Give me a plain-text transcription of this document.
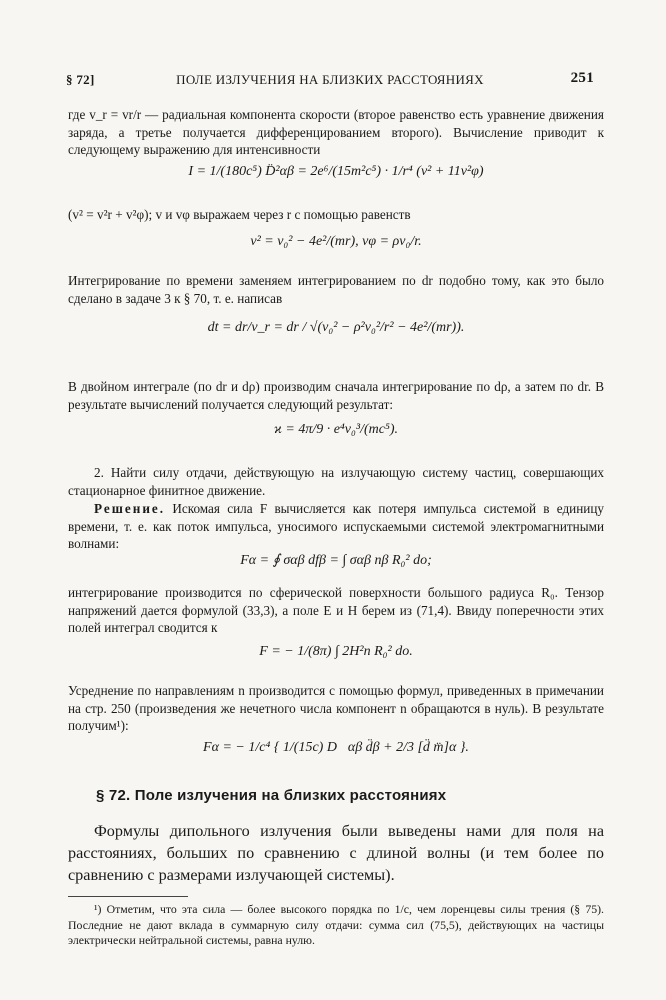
§ 72]	ПОЛЕ ИЗЛУЧЕНИЯ НА БЛИЗКИХ РАССТОЯНИЯХ	251
где v_r = vr/r — радиальная компонента скорости (второе равенство есть уравнение движения заряда, а третье получается дифференцированием второго). Вычисление приводит к следующему выражению для интенсивности
I = 1/(180c⁵) D̈²αβ = 2e⁶/(15m²c⁵) · 1/r⁴ (v² + 11v²φ)
(v² = v²r + v²φ); v и vφ выражаем через r с помощью равенств
v² = v₀² − 4e²/(mr), vφ = ρv₀/r.
Интегрирование по времени заменяем интегрированием по dr подобно тому, как это было сделано в задаче 3 к § 70, т. е. написав
dt = dr/v_r = dr / √(v₀² − ρ²v₀²/r² − 4e²/(mr)).
В двойном интеграле (по dr и dρ) производим сначала интегрирование по dρ, а затем по dr. В результате вычислений получается следующий результат:
ϰ = 4π/9 · e⁴v₀³/(mc⁵).
2. Найти силу отдачи, действующую на излучающую систему частиц, совершающих стационарное финитное движение.
Решение. Искомая сила F вычисляется как потеря импульса системой в единицу времени, т. е. как поток импульса, уносимого испускаемыми системой электромагнитными волнами:
Fα = ∮ σαβ dfβ = ∫ σαβ nβ R₀² do;
интегрирование производится по сферической поверхности большого радиуса R₀. Тензор напряжений дается формулой (33,3), а поле E и H берем из (71,4). Ввиду поперечности этих полей интеграл сводится к
F = − 1/(8π) ∫ 2H²n R₀² do.
Усреднение по направлениям n производится с помощью формул, приведенных в примечании на стр. 250 (произведения же нечетного числа компонент n обращаются в нуль). В результате получим¹):
Fα = − 1/c⁴ { 1/(15c) D⃛αβ d̈β + 2/3 [d̈ m̈]α }.
§ 72. Поле излучения на близких расстояниях
Формулы дипольного излучения были выведены нами для поля на расстояниях, больших по сравнению с длиной волны (и тем более по сравнению с размерами излучающей системы).
¹) Отметим, что эта сила — более высокого порядка по 1/c, чем лоренцевы силы трения (§ 75). Последние не дают вклада в суммарную силу отдачи: сумма сил (75,5), действующих на частицы электрически нейтральной системы, равна нулю.
